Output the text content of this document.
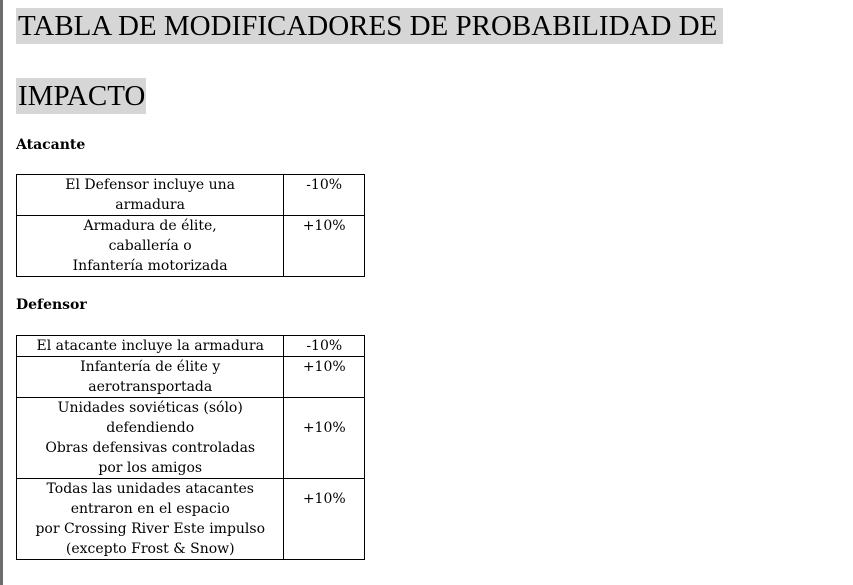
TABLA DE MODIFICADORES DE PROBABILIDAD DE
IMPACTO
Atacante
El Defensor incluye una
armadura	-10%
Armadura de élite,
caballería o
Infantería motorizada	+10%
Defensor
El atacante incluye la armadura	-10%
Infantería de élite y
aerotransportada	+10%
Unidades soviéticas (sólo)
defendiendo
Obras defensivas controladas
por los amigos	+10%
Todas las unidades atacantes
entraron en el espacio
por Crossing River Este impulso
(excepto Frost & Snow)	+10%
